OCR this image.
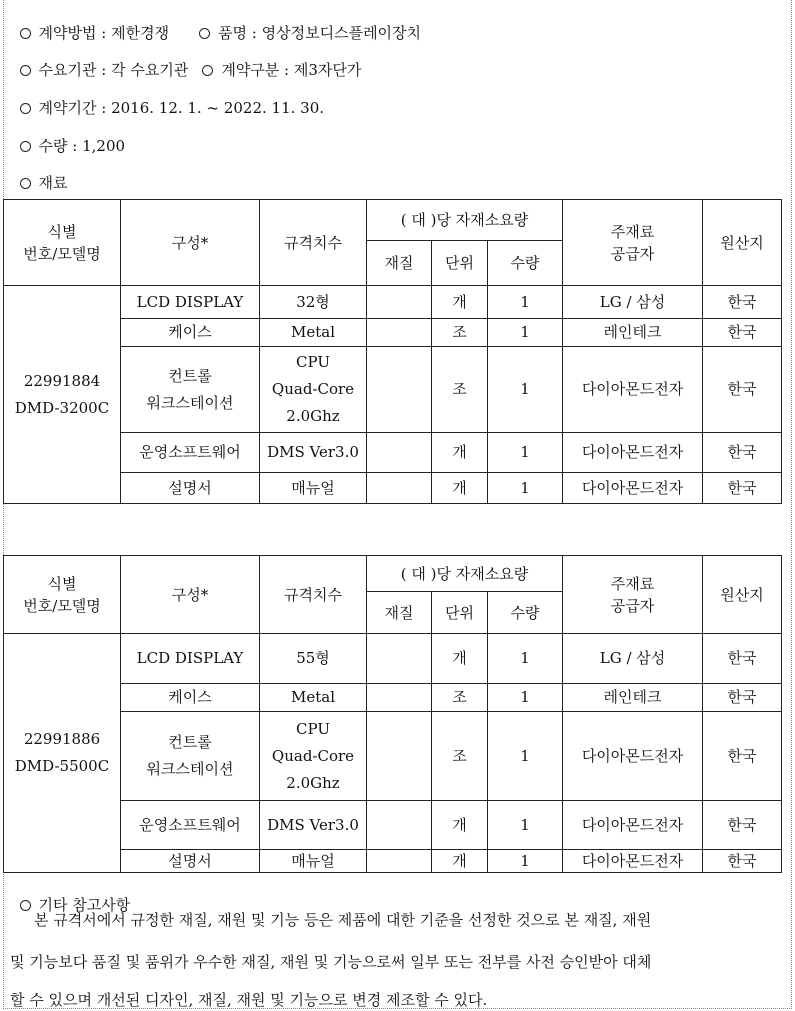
계약방법 : 제한경쟁	품명 : 영상정보디스플레이장치

수요기관 : 각 수요기관 계약구분 : 제3자단가

계약기간 : 2016. 12. 1. ~ 2022. 11. 30.

수량 : 1,200

재료

식별
번호/모델명	구성*	규격치수	( 대 )당 자재소요량			주재료
공급자	원산지
			재질	단위	수량		
22991884
DMD-3200C	LCD DISPLAY	32형		개	1	LG / 삼성	한국
	케이스	Metal		조	1	레인테크	한국
	컨트롤
워크스테이션	CPU
Quad-Core
2.0Ghz		조	1	다이아몬드전자	한국
	운영소프트웨어	DMS Ver3.0		개	1	다이아몬드전자	한국
	설명서	매뉴얼		개	1	다이아몬드전자	한국
식별
번호/모델명	구성*	규격치수	( 대 )당 자재소요량			주재료
공급자	원산지
			재질	단위	수량		
22991886
DMD-5500C	LCD DISPLAY	55형		개	1	LG / 삼성	한국
	케이스	Metal		조	1	레인테크	한국
	컨트롤
워크스테이션	CPU
Quad-Core
2.0Ghz		조	1	다이아몬드전자	한국
	운영소프트웨어	DMS Ver3.0		개	1	다이아몬드전자	한국
	설명서	매뉴얼		개	1	다이아몬드전자	한국

기타 참고사항

본 규격서에서 규정한 재질, 재원 및 기능 등은 제품에 대한 기준을 선정한 것으로 본 재질, 재원
및 기능보다 품질 및 품위가 우수한 재질, 재원 및 기능으로써 일부 또는 전부를 사전 승인받아 대체
할 수 있으며 개선된 디자인, 재질, 재원 및 기능으로 변경 제조할 수 있다.
